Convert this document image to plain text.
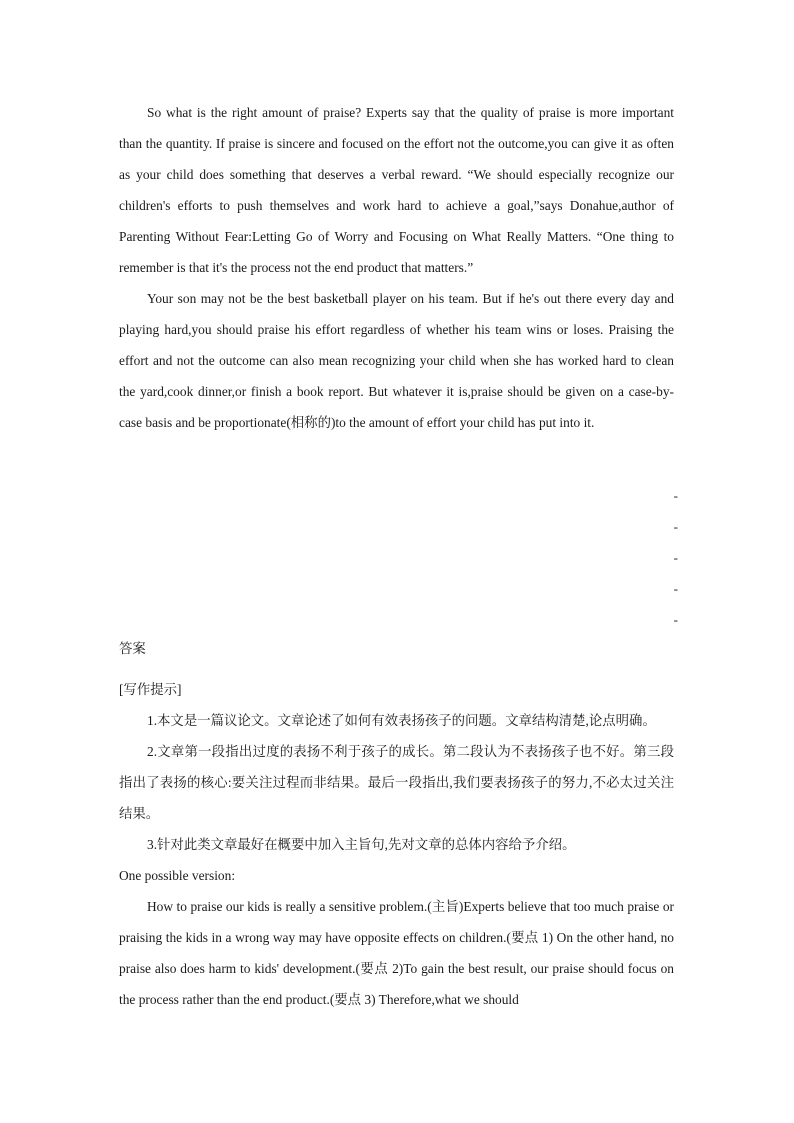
So what is the right amount of praise? Experts say that the quality of praise is more important than the quantity. If praise is sincere and focused on the effort not the outcome,you can give it as often as your child does something that deserves a verbal reward. “We should especially recognize our children's efforts to push themselves and work hard to achieve a goal,”says Donahue,author of Parenting Without Fear:Letting Go of Worry and Focusing on What Really Matters. “One thing to remember is that it's the process not the end product that matters.”

Your son may not be the best basketball player on his team. But if he's out there every day and playing hard,you should praise his effort regardless of whether his team wins or loses. Praising the effort and not the outcome can also mean recognizing your child when she has worked hard to clean the yard,cook dinner,or finish a book report. But whatever it is,praise should be given on a case-by-case basis and be proportionate(相称的)to the amount of effort your child has put into it.

-
-
-
-
-

答案

[写作提示]

1.本文是一篇议论文。文章论述了如何有效表扬孩子的问题。文章结构清楚,论点明确。

2.文章第一段指出过度的表扬不利于孩子的成长。第二段认为不表扬孩子也不好。第三段指出了表扬的核心:要关注过程而非结果。最后一段指出,我们要表扬孩子的努力,不必太过关注结果。

3.针对此类文章最好在概要中加入主旨句,先对文章的总体内容给予介绍。

One possible version:

How to praise our kids is really a sensitive problem.(主旨)Experts believe that too much praise or praising the kids in a wrong way may have opposite effects on children.(要点 1) On the other hand, no praise also does harm to kids' development.(要点 2)To gain the best result, our praise should focus on the process rather than the end product.(要点 3) Therefore,what we should
